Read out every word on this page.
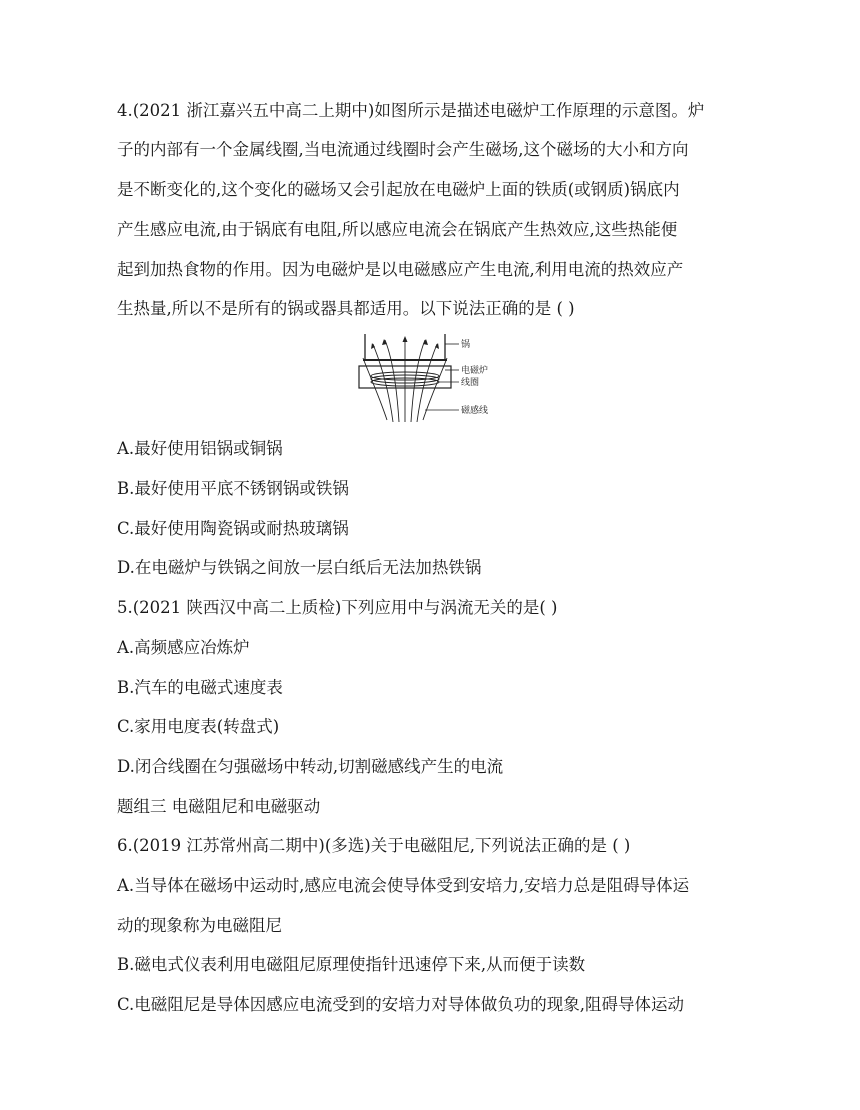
4.(2021 浙江嘉兴五中高二上期中)如图所示是描述电磁炉工作原理的示意图。炉
子的内部有一个金属线圈,当电流通过线圈时会产生磁场,这个磁场的大小和方向
是不断变化的,这个变化的磁场又会引起放在电磁炉上面的铁质(或钢质)锅底内
产生感应电流,由于锅底有电阻,所以感应电流会在锅底产生热效应,这些热能便
起到加热食物的作用。因为电磁炉是以电磁感应产生电流,利用电流的热效应产
生热量,所以不是所有的锅或器具都适用。以下说法正确的是 ( )
锅
电磁炉
线圈
磁感线
A.最好使用铝锅或铜锅
B.最好使用平底不锈钢锅或铁锅
C.最好使用陶瓷锅或耐热玻璃锅
D.在电磁炉与铁锅之间放一层白纸后无法加热铁锅
5.(2021 陕西汉中高二上质检)下列应用中与涡流无关的是( )
A.高频感应冶炼炉
B.汽车的电磁式速度表
C.家用电度表(转盘式)
D.闭合线圈在匀强磁场中转动,切割磁感线产生的电流
题组三 电磁阻尼和电磁驱动
6.(2019 江苏常州高二期中)(多选)关于电磁阻尼,下列说法正确的是 ( )
A.当导体在磁场中运动时,感应电流会使导体受到安培力,安培力总是阻碍导体运
动的现象称为电磁阻尼
B.磁电式仪表利用电磁阻尼原理使指针迅速停下来,从而便于读数
C.电磁阻尼是导体因感应电流受到的安培力对导体做负功的现象,阻碍导体运动
